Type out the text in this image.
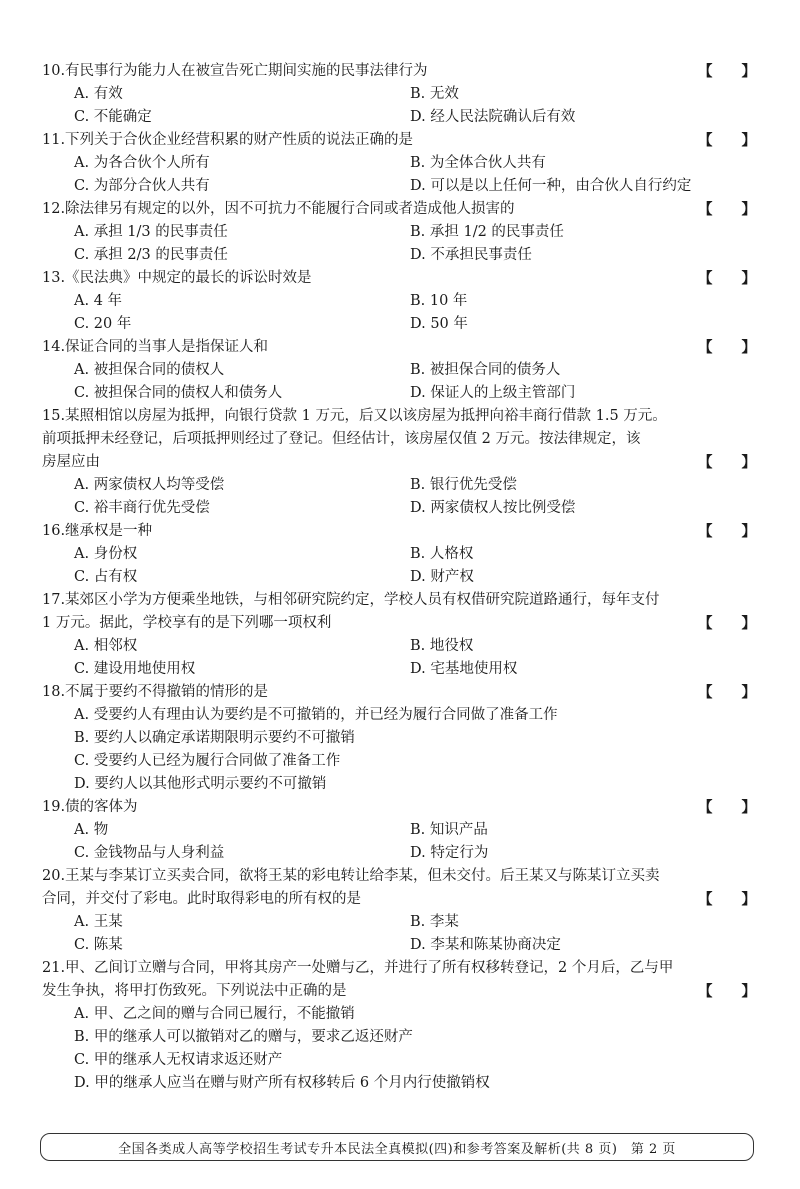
10.有民事行为能力人在被宣告死亡期间实施的民事法律行为	【　　】
A. 有效	B. 无效
C. 不能确定	D. 经人民法院确认后有效
11.下列关于合伙企业经营积累的财产性质的说法正确的是	【　　】
A. 为各合伙个人所有	B. 为全体合伙人共有
C. 为部分合伙人共有	D. 可以是以上任何一种，由合伙人自行约定
12.除法律另有规定的以外，因不可抗力不能履行合同或者造成他人损害的	【　　】
A. 承担 1/3 的民事责任	B. 承担 1/2 的民事责任
C. 承担 2/3 的民事责任	D. 不承担民事责任
13.《民法典》中规定的最长的诉讼时效是	【　　】
A. 4 年	B. 10 年
C. 20 年	D. 50 年
14.保证合同的当事人是指保证人和	【　　】
A. 被担保合同的债权人	B. 被担保合同的债务人
C. 被担保合同的债权人和债务人	D. 保证人的上级主管部门
15.某照相馆以房屋为抵押，向银行贷款 1 万元，后又以该房屋为抵押向裕丰商行借款 1.5 万元。
前项抵押未经登记，后项抵押则经过了登记。但经估计，该房屋仅值 2 万元。按法律规定，该
房屋应由	【　　】
A. 两家债权人均等受偿	B. 银行优先受偿
C. 裕丰商行优先受偿	D. 两家债权人按比例受偿
16.继承权是一种	【　　】
A. 身份权	B. 人格权
C. 占有权	D. 财产权
17.某郊区小学为方便乘坐地铁，与相邻研究院约定，学校人员有权借研究院道路通行，每年支付
1 万元。据此，学校享有的是下列哪一项权利	【　　】
A. 相邻权	B. 地役权
C. 建设用地使用权	D. 宅基地使用权
18.不属于要约不得撤销的情形的是	【　　】
A. 受要约人有理由认为要约是不可撤销的，并已经为履行合同做了准备工作
B. 要约人以确定承诺期限明示要约不可撤销
C. 受要约人已经为履行合同做了准备工作
D. 要约人以其他形式明示要约不可撤销
19.债的客体为	【　　】
A. 物	B. 知识产品
C. 金钱物品与人身利益	D. 特定行为
20.王某与李某订立买卖合同，欲将王某的彩电转让给李某，但未交付。后王某又与陈某订立买卖
合同，并交付了彩电。此时取得彩电的所有权的是	【　　】
A. 王某	B. 李某
C. 陈某	D. 李某和陈某协商决定
21.甲、乙间订立赠与合同，甲将其房产一处赠与乙，并进行了所有权移转登记，2 个月后，乙与甲
发生争执，将甲打伤致死。下列说法中正确的是	【　　】
A. 甲、乙之间的赠与合同已履行，不能撤销
B. 甲的继承人可以撤销对乙的赠与，要求乙返还财产
C. 甲的继承人无权请求返还财产
D. 甲的继承人应当在赠与财产所有权移转后 6 个月内行使撤销权
全国各类成人高等学校招生考试专升本民法全真模拟(四)和参考答案及解析(共 8 页)　第 2 页
